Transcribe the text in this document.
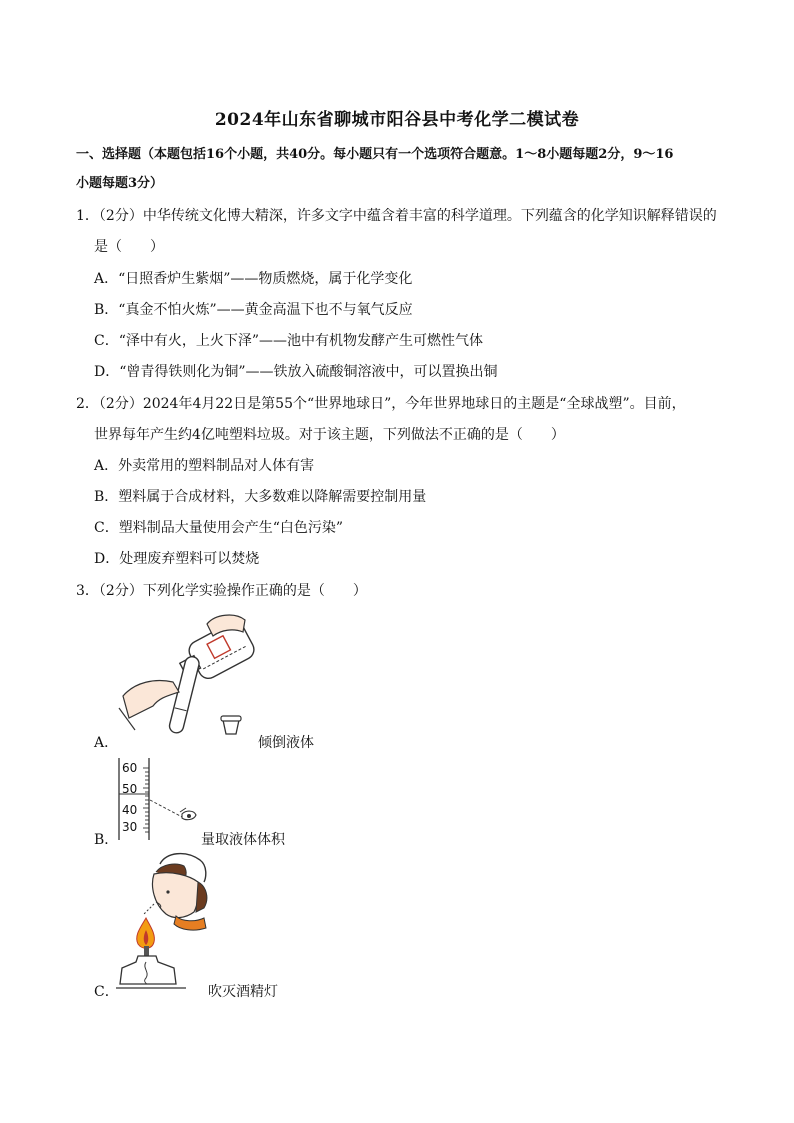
2024年山东省聊城市阳谷县中考化学二模试卷
一、选择题（本题包括16个小题，共40分。每小题只有一个选项符合题意。1～8小题每题2分，9～16
小题每题3分）
1．（2分）中华传统文化博大精深，许多文字中蕴含着丰富的科学道理。下列蕴含的化学知识解释错误的
是（　　）
A．“日照香炉生紫烟”——物质燃烧，属于化学变化
B．“真金不怕火炼”——黄金高温下也不与氧气反应
C．“泽中有火，上火下泽”——池中有机物发酵产生可燃性气体
D．“曾青得铁则化为铜”——铁放入硫酸铜溶液中，可以置换出铜
2．（2分）2024年4月22日是第55个“世界地球日”，今年世界地球日的主题是“全球战塑”。目前，
世界每年产生约4亿吨塑料垃圾。对于该主题，下列做法不正确的是（　　）
A．外卖常用的塑料制品对人体有害
B．塑料属于合成材料，大多数难以降解需要控制用量
C．塑料制品大量使用会产生“白色污染”
D．处理废弃塑料可以焚烧
3．（2分）下列化学实验操作正确的是（　　）
A．	倾倒液体
60
50
40
30
B．	量取液体体积
C．	吹灭酒精灯
